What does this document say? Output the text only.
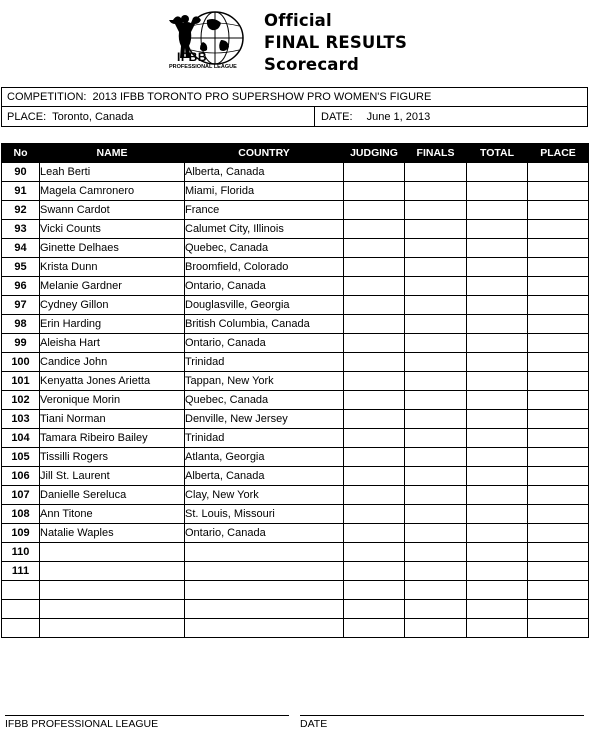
IFBB
PROFESSIONAL LEAGUE
Official
FINAL RESULTS
Scorecard
COMPETITION: 2013 IFBB TORONTO PRO SUPERSHOW PRO WOMEN'S FIGURE
PLACE: Toronto, Canada	DATE: June 1, 2013
No	NAME	COUNTRY	JUDGING	FINALS	TOTAL	PLACE
90	Leah Berti	Alberta, Canada				
91	Magela Camronero	Miami, Florida				
92	Swann Cardot	France				
93	Vicki Counts	Calumet City, Illinois				
94	Ginette Delhaes	Quebec, Canada				
95	Krista Dunn	Broomfield, Colorado				
96	Melanie Gardner	Ontario, Canada				
97	Cydney Gillon	Douglasville, Georgia				
98	Erin Harding	British Columbia, Canada				
99	Aleisha Hart	Ontario, Canada				
100	Candice John	Trinidad				
101	Kenyatta Jones Arietta	Tappan, New York				
102	Veronique Morin	Quebec, Canada				
103	Tiani Norman	Denville, New Jersey				
104	Tamara Ribeiro Bailey	Trinidad				
105	Tissilli Rogers	Atlanta, Georgia				
106	Jill St. Laurent	Alberta, Canada				
107	Danielle Sereluca	Clay, New York				
108	Ann Titone	St. Louis, Missouri				
109	Natalie Waples	Ontario, Canada				
110						
111						

IFBB PROFESSIONAL LEAGUE	DATE
